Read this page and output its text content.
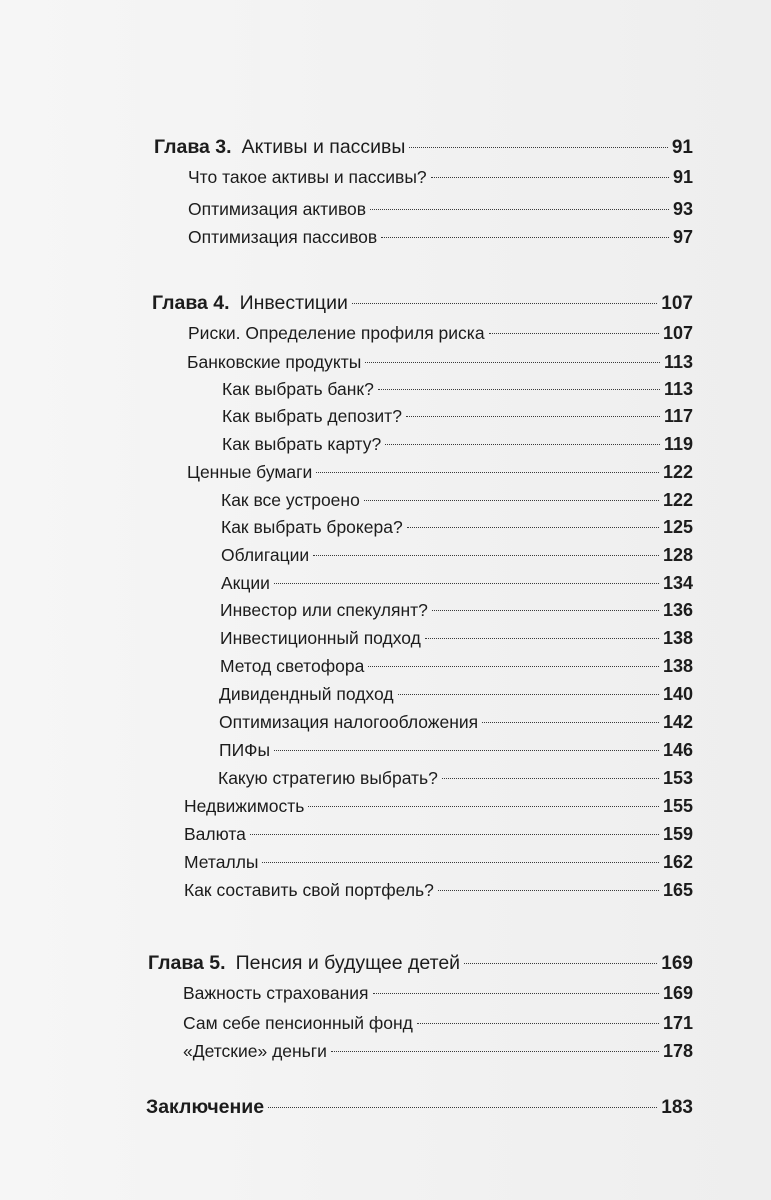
Глава 3. Активы и пассивы	91
Что такое активы и пассивы?	91
Оптимизация активов	93
Оптимизация пассивов	97
Глава 4. Инвестиции	107
Риски. Определение профиля риска	107
Банковские продукты	113
Как выбрать банк?	113
Как выбрать депозит?	117
Как выбрать карту?	119
Ценные бумаги	122
Как все устроено	122
Как выбрать брокера?	125
Облигации	128
Акции	134
Инвестор или спекулянт?	136
Инвестиционный подход	138
Метод светофора	138
Дивидендный подход	140
Оптимизация налогообложения	142
ПИФы	146
Какую стратегию выбрать?	153
Недвижимость	155
Валюта	159
Металлы	162
Как составить свой портфель?	165
Глава 5. Пенсия и будущее детей	169
Важность страхования	169
Сам себе пенсионный фонд	171
«Детские» деньги	178
Заключение	183
